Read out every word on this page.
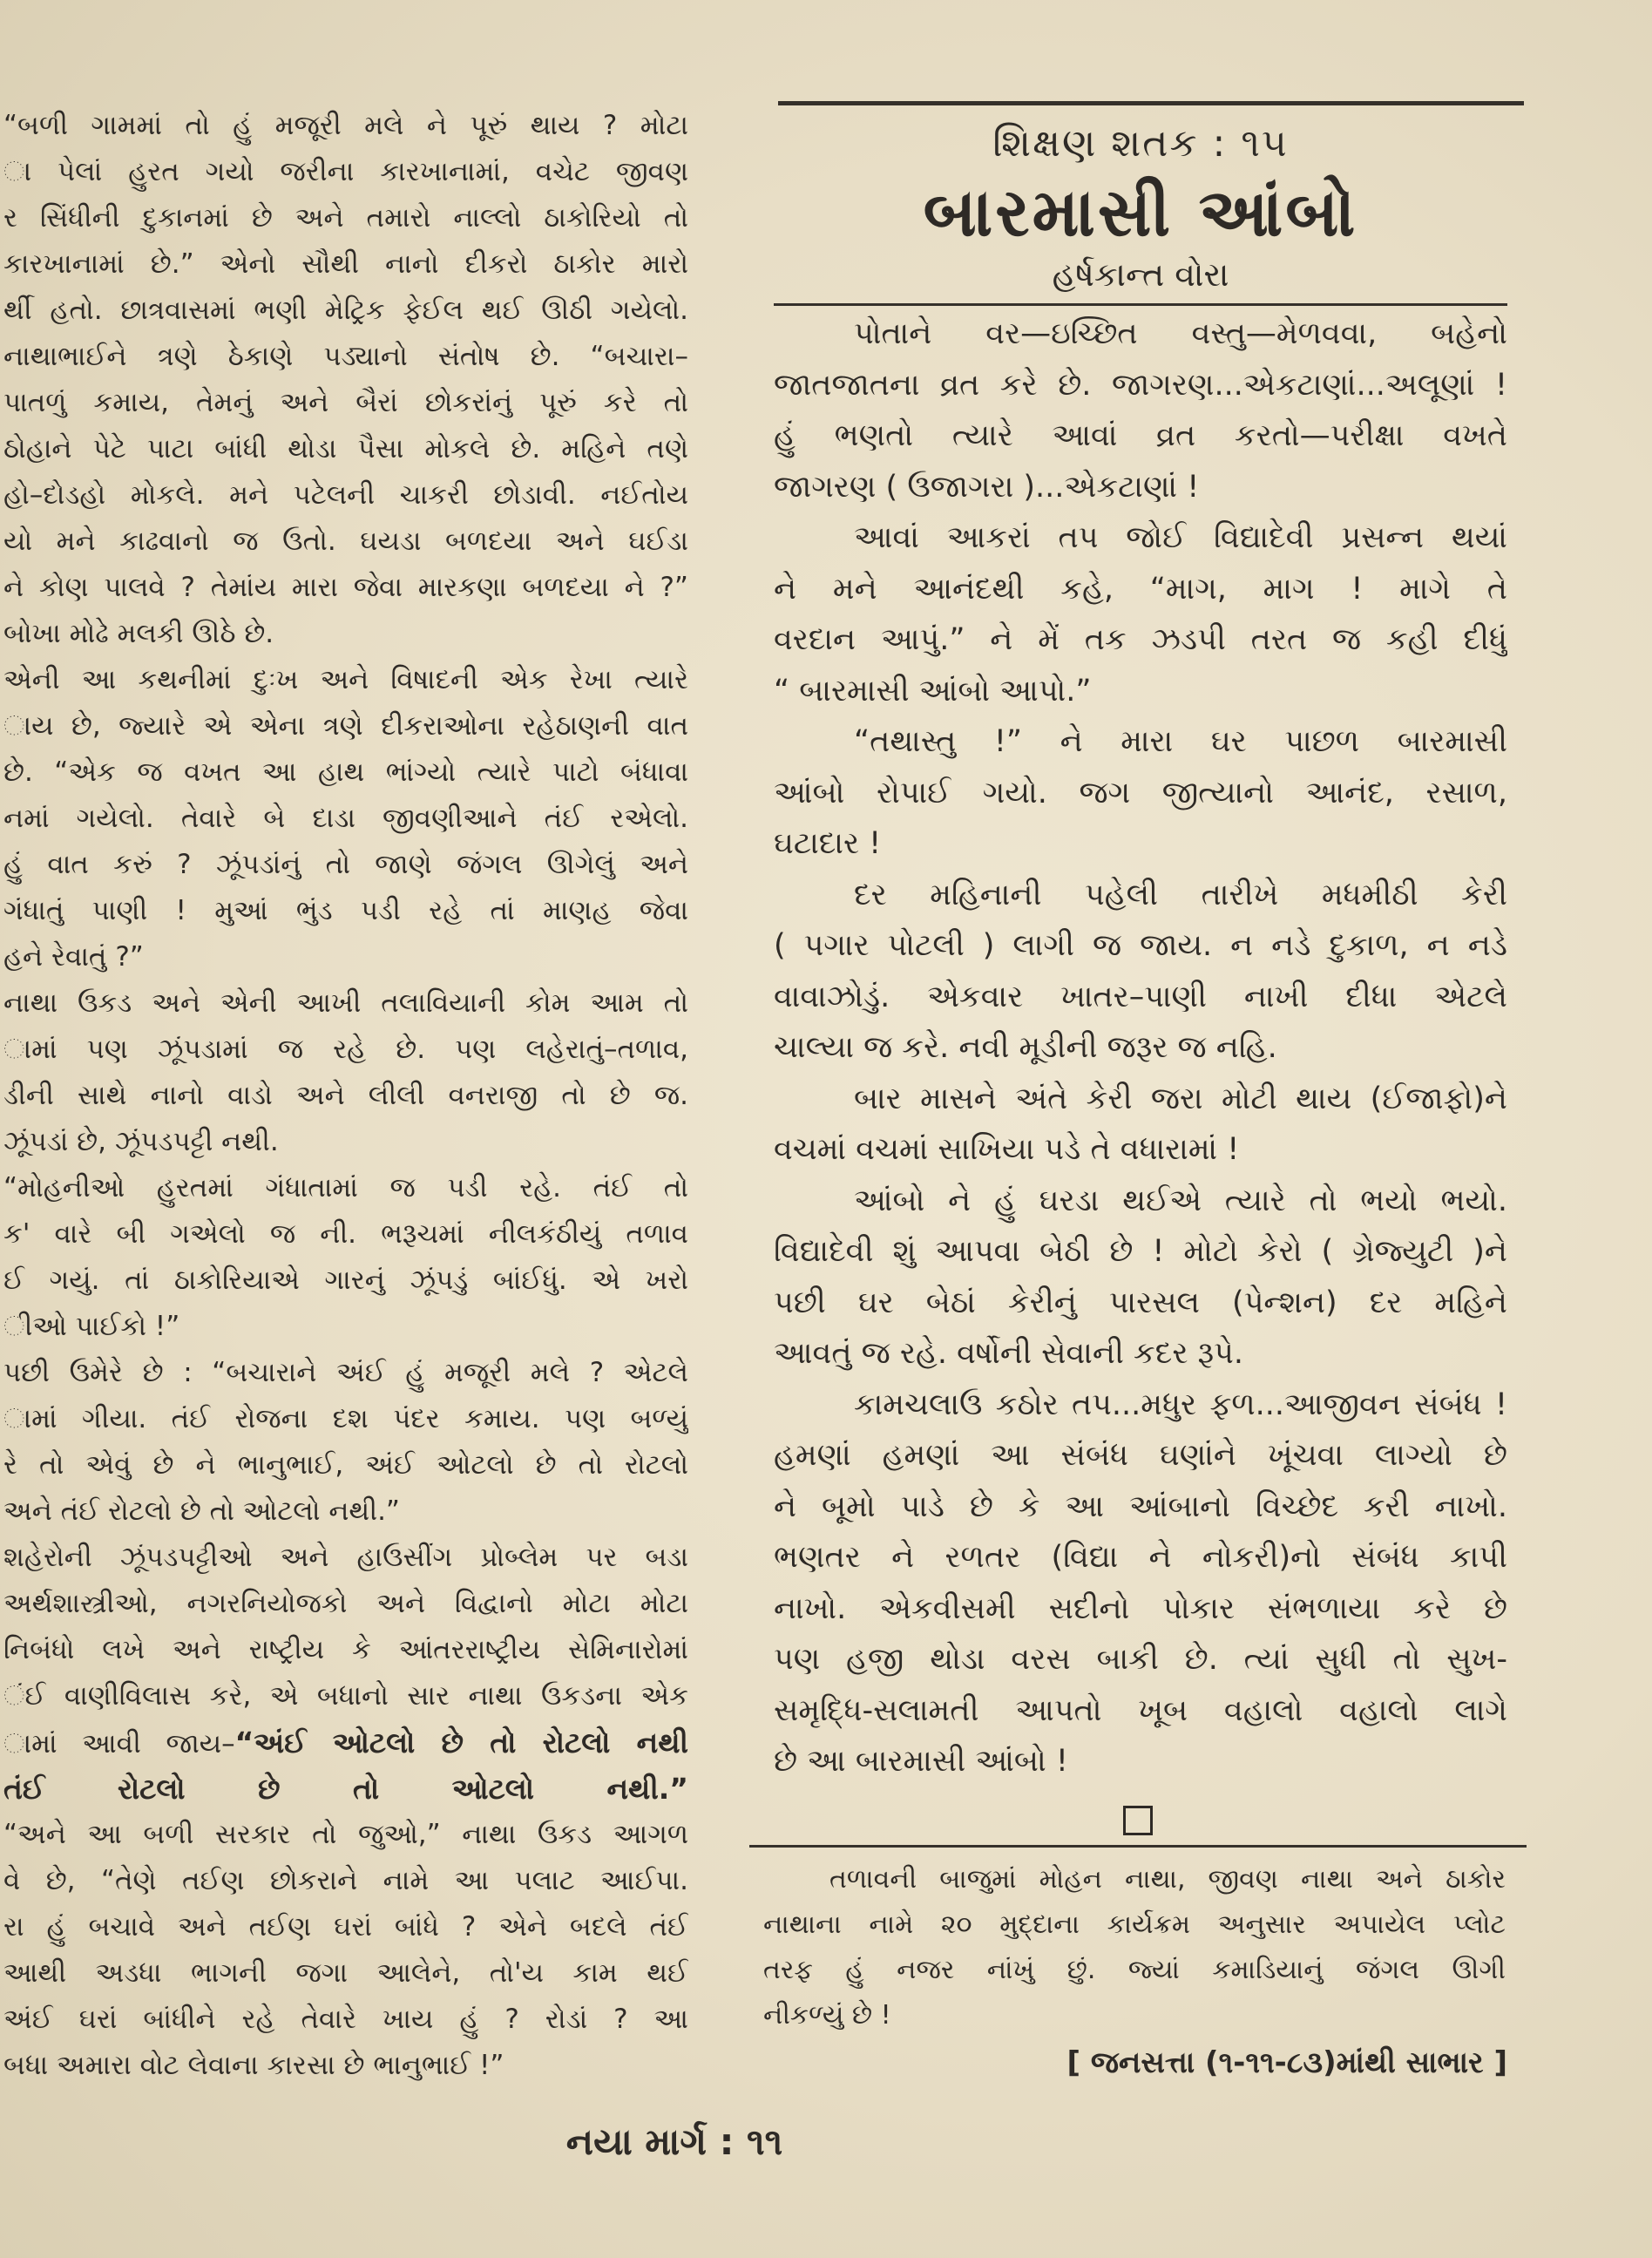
“બળી ગામમાં તો હું મજૂરી મલે ને પૂરું થાય ? મોટા
ા પેલાં હુરત ગયો જરીના કારખાનામાં, વચેટ જીવણ
ર સિંધીની દુકાનમાં છે અને તમારો નાલ્લો ઠાકોરિયો તો
કારખાનામાં છે.” એનો સૌથી નાનો દીકરો ઠાકોર મારો
ર્થી હતો. છાત્રવાસમાં ભણી મેટ્રિક ફેઈલ થઈ ઊઠી ગયેલો.
નાથાભાઈને ત્રણે ઠેકાણે પડ્યાનો સંતોષ છે. “બચારા–
પાતળું કમાય, તેમનું અને બૈરાં છોકરાંનું પૂરું કરે તો
ઠોહાને પેટે પાટા બાંધી થોડા પૈસા મોકલે છે. મહિને તણે
હો–દોડહો મોકલે. મને પટેલની ચાકરી છોડાવી. નઈતોય
યો મને કાઢવાનો જ ઉતો. ઘયડા બળદયા અને ઘઈડા
ને કોણ પાલવે ? તેમાંય મારા જેવા મારકણા બળદયા ને ?”
બોખા મોઢે મલકી ઊઠે છે.
એની આ કથનીમાં દુઃખ અને વિષાદની એક રેખા ત્યારે
ાય છે, જ્યારે એ એના ત્રણે દીકરાઓના રહેઠાણની વાત
છે. “એક જ વખત આ હાથ ભાંગ્યો ત્યારે પાટો બંધાવા
નમાં ગયેલો. તેવારે બે દાડા જીવણીઆને તંઈ રએલો.
હું વાત કરું ? ઝૂંપડાંનું તો જાણે જંગલ ઊગેલું અને
ગંધાતું પાણી ! મુઆં ભુંડ પડી રહે તાં માણહ જેવા
હને રેવાતું ?”
નાથા ઉકડ અને એની આખી તલાવિયાની કોમ આમ તો
ામાં પણ ઝૂંપડામાં જ રહે છે. પણ લહેરાતું–તળાવ,
ડીની સાથે નાનો વાડો અને લીલી વનરાજી તો છે જ.
ઝૂંપડાં છે, ઝૂંપડપટ્ટી નથી.
“મોહનીઓ હુરતમાં ગંધાતામાં જ પડી રહે. તંઈ તો
ક' વારે બી ગએલો જ ની. ભરૂચમાં નીલકંઠીયું તળાવ
ઈ ગયું. તાં ઠાકોરિયાએ ગારનું ઝૂંપડું બાંઈધું. એ ખરો
ીઓ પાઈકો !”
પછી ઉમેરે છે : “બચારાને અંઈ હું મજૂરી મલે ? એટલે
ામાં ગીયા. તંઈ રોજના દશ પંદર કમાય. પણ બળ્યું
રે તો એવું છે ને ભાનુભાઈ, અંઈ ઓટલો છે તો રોટલો
અને તંઈ રોટલો છે તો ઓટલો નથી.”
શહેરોની ઝૂંપડપટ્ટીઓ અને હાઉસીંગ પ્રોબ્લેમ પર બડા
અર્થશાસ્ત્રીઓ, નગરનિયોજકો અને વિદ્વાનો મોટા મોટા
નિબંધો લખે અને રાષ્ટ્રીય કે આંતરરાષ્ટ્રીય સેમિનારોમાં
ંઈ વાણીવિલાસ કરે, એ બધાનો સાર નાથા ઉકડના એક
ામાં આવી જાય–“અંઈ ઓટલો છે તો રોટલો નથી
તંઈ રોટલો છે તો ઓટલો નથી.”
“અને આ બળી સરકાર તો જુઓ,” નાથા ઉકડ આગળ
વે છે, “તેણે તઈણ છોકરાને નામે આ પલાટ આઈપા.
રા હું બચાવે અને તઈણ ઘરાં બાંધે ? એને બદલે તંઈ
આથી અડધા ભાગની જગા આલેને, તો'ય કામ થઈ
અંઈ ઘરાં બાંધીને રહે તેવારે ખાય હું ? રોડાં ? આ
બધા અમારા વોટ લેવાના કારસા છે ભાનુભાઈ !”
શિક્ષણ શતક : ૧૫
બારમાસી આંબો
હર્ષકાન્ત વોરા
પોતાને વર—ઇચ્છિત વસ્તુ—મેળવવા, બહેનો
જાતજાતના વ્રત કરે છે. જાગરણ...એકટાણાં...અલૂણાં !
હું ભણતો ત્યારે આવાં વ્રત કરતો—પરીક્ષા વખતે
જાગરણ ( ઉજાગરા )...એકટાણાં !
આવાં આકરાં તપ જોઈ વિદ્યાદેવી પ્રસન્ન થયાં
ને મને આનંદથી કહે, “માગ, માગ ! માગે તે
વરદાન આપું.” ને મેં તક ઝડપી તરત જ કહી દીધું
“ બારમાસી આંબો આપો.”
“તથાસ્તુ !” ને મારા ઘર પાછળ બારમાસી
આંબો રોપાઈ ગયો. જગ જીત્યાનો આનંદ, રસાળ,
ઘટાદાર !
દર મહિનાની પહેલી તારીખે મધમીઠી કેરી
( પગાર પોટલી ) લાગી જ જાય. ન નડે દુકાળ, ન નડે
વાવાઝોડું. એકવાર ખાતર–પાણી નાખી દીધા એટલે
ચાલ્યા જ કરે. નવી મૂડીની જરૂર જ નહિ.
બાર માસને અંતે કેરી જરા મોટી થાય (ઈજાફો)ને
વચમાં વચમાં સાખિયા પડે તે વધારામાં !
આંબો ને હું ઘરડા થઈએ ત્યારે તો ભયો ભયો.
વિદ્યાદેવી શું આપવા બેઠી છે ! મોટો કેરો ( ગ્રેજ્યુટી )ને
પછી ઘર બેઠાં કેરીનું પારસલ (પેન્શન) દર મહિને
આવતું જ રહે. વર્ષોની સેવાની કદર રૂપે.
કામચલાઉ કઠોર તપ...મધુર ફળ...આજીવન સંબંધ !
હમણાં હમણાં આ સંબંધ ઘણાંને ખૂંચવા લાગ્યો છે
ને બૂમો પાડે છે કે આ આંબાનો વિચ્છેદ કરી નાખો.
ભણતર ને રળતર (વિદ્યા ને નોકરી)નો સંબંધ કાપી
નાખો. એકવીસમી સદીનો પોકાર સંભળાયા કરે છે
પણ હજી થોડા વરસ બાકી છે. ત્યાં સુધી તો સુખ-
સમૃદ્ધિ-સલામતી આપતો ખૂબ વહાલો વહાલો લાગે
છે આ બારમાસી આંબો !
તળાવની બાજુમાં મોહન નાથા, જીવણ નાથા અને ઠાકોર
નાથાના નામે ૨૦ મુદ્દાના કાર્યક્રમ અનુસાર અપાયેલ પ્લોટ
તરફ હું નજર નાંખું છું. જ્યાં કમાડિયાનું જંગલ ઊગી
નીકળ્યું છે !
[ જનસત્તા (૧-૧૧-૮૩)માંથી સાભાર ]
નયા માર્ગ : ૧૧
